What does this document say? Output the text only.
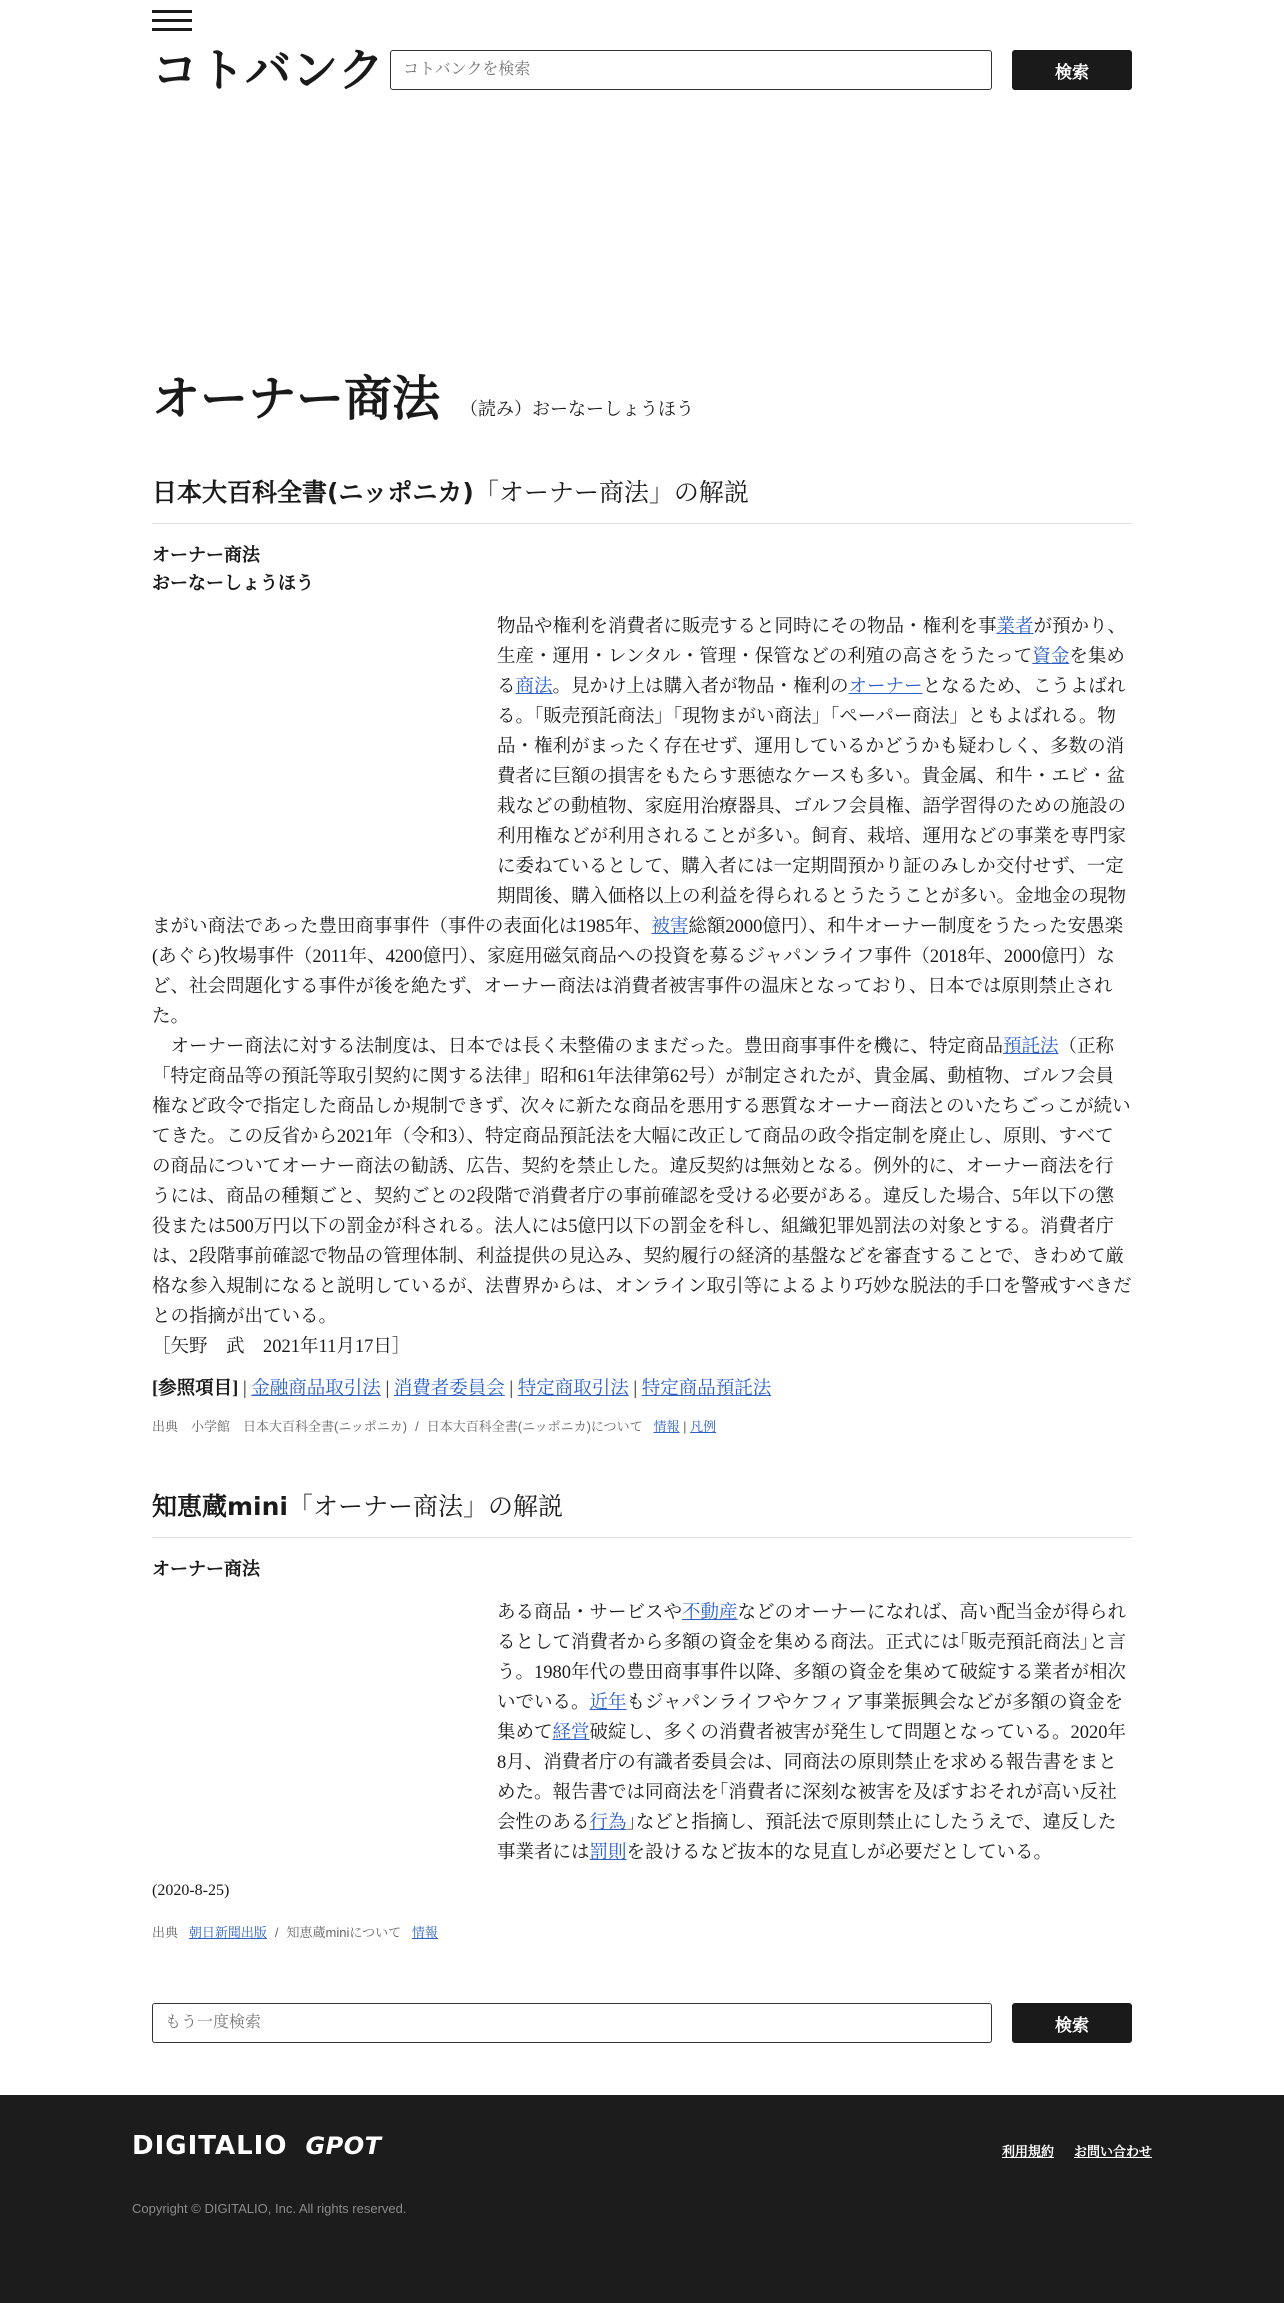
コトバンク
コトバンクを検索	検索
オーナー商法 （読み）おーなーしょうほう
日本大百科全書(ニッポニカ)「オーナー商法」の解説
オーナー商法
おーなーしょうほう

物品や権利を消費者に販売すると同時にその物品・権利を事業者が預かり、生産・運用・レンタル・管理・保管などの利殖の高さをうたって資金を集める商法。見かけ上は購入者が物品・権利のオーナーとなるため、こうよばれる。「販売預託商法」「現物まがい商法」「ペーパー商法」ともよばれる。物品・権利がまったく存在せず、運用しているかどうかも疑わしく、多数の消費者に巨額の損害をもたらす悪徳なケースも多い。貴金属、和牛・エビ・盆栽などの動植物、家庭用治療器具、ゴルフ会員権、語学習得のための施設の利用権などが利用されることが多い。飼育、栽培、運用などの事業を専門家に委ねているとして、購入者には一定期間預かり証のみしか交付せず、一定期間後、購入価格以上の利益を得られるとうたうことが多い。金地金の現物まがい商法であった豊田商事事件（事件の表面化は1985年、被害総額2000億円）、和牛オーナー制度をうたった安愚楽(あぐら)牧場事件（2011年、4200億円）、家庭用磁気商品への投資を募るジャパンライフ事件（2018年、2000億円）など、社会問題化する事件が後を絶たず、オーナー商法は消費者被害事件の温床となっており、日本では原則禁止された。

オーナー商法に対する法制度は、日本では長く未整備のままだった。豊田商事事件を機に、特定商品預託法（正称「特定商品等の預託等取引契約に関する法律」昭和61年法律第62号）が制定されたが、貴金属、動植物、ゴルフ会員権など政令で指定した商品しか規制できず、次々に新たな商品を悪用する悪質なオーナー商法とのいたちごっこが続いてきた。この反省から2021年（令和3）、特定商品預託法を大幅に改正して商品の政令指定制を廃止し、原則、すべての商品についてオーナー商法の勧誘、広告、契約を禁止した。違反契約は無効となる。例外的に、オーナー商法を行うには、商品の種類ごと、契約ごとの2段階で消費者庁の事前確認を受ける必要がある。違反した場合、5年以下の懲役または500万円以下の罰金が科される。法人には5億円以下の罰金を科し、組織犯罪処罰法の対象とする。消費者庁は、2段階事前確認で物品の管理体制、利益提供の見込み、契約履行の経済的基盤などを審査することで、きわめて厳格な参入規制になると説明しているが、法曹界からは、オンライン取引等によるより巧妙な脱法的手口を警戒すべきだとの指摘が出ている。

［矢野　武　2021年11月17日］

[参照項目] | 金融商品取引法 | 消費者委員会 | 特定商取引法 | 特定商品預託法
出典　小学館　日本大百科全書(ニッポニカ) / 日本大百科全書(ニッポニカ)について 情報 | 凡例
知恵蔵mini「オーナー商法」の解説
オーナー商法

ある商品・サービスや不動産などのオーナーになれば、高い配当金が得られるとして消費者から多額の資金を集める商法。正式には｢販売預託商法｣と言う。1980年代の豊田商事事件以降、多額の資金を集めて破綻する業者が相次いでいる。近年もジャパンライフやケフィア事業振興会などが多額の資金を集めて経営破綻し、多くの消費者被害が発生して問題となっている。2020年8月、消費者庁の有識者委員会は、同商法の原則禁止を求める報告書をまとめた。報告書では同商法を｢消費者に深刻な被害を及ぼすおそれが高い反社会性のある行為｣などと指摘し、預託法で原則禁止にしたうえで、違反した事業者には罰則を設けるなど抜本的な見直しが必要だとしている。

(2020-8-25)

出典 朝日新聞出版 / 知恵蔵miniについて 情報
もう一度検索
検索
DIGITALIO GPOT	利用規約 お問い合わせ
Copyright © DIGITALIO, Inc. All rights reserved.
